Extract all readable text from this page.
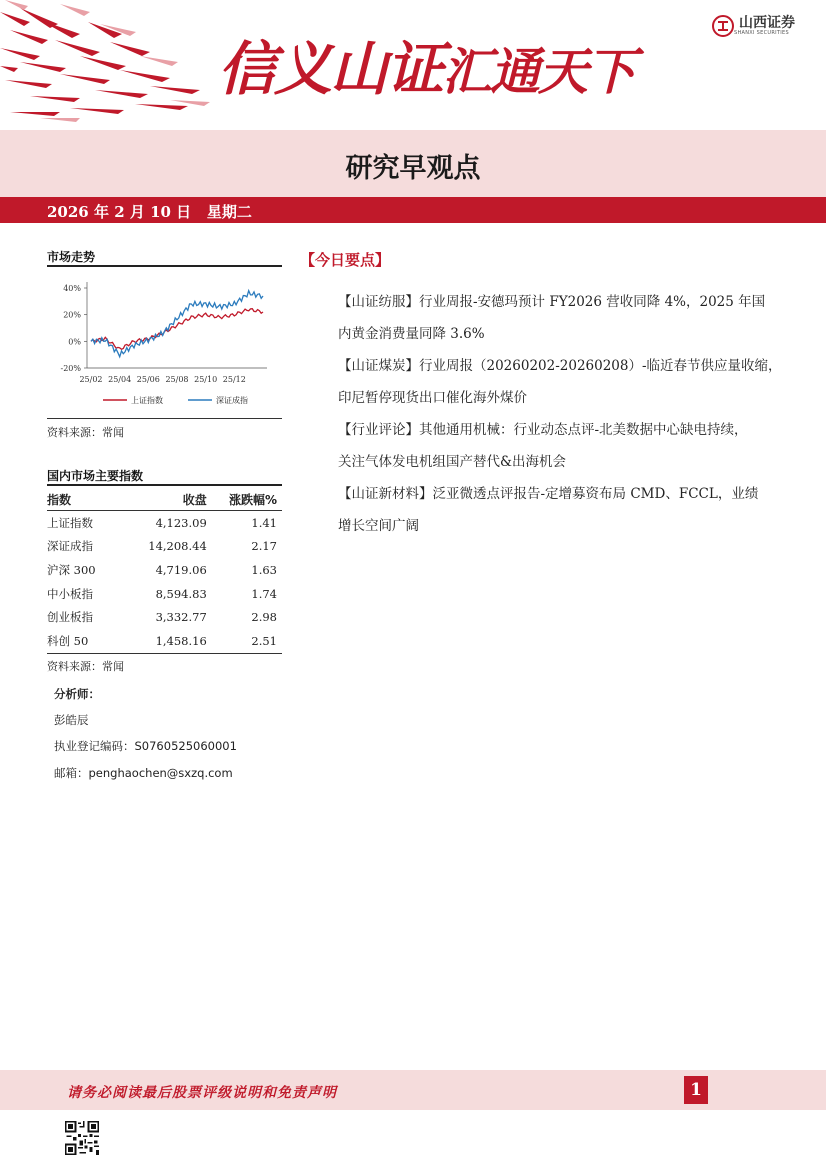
信义山证汇通天下
山西证券
SHANXI SECURITIES
研究早观点
2026 年 2 月 10 日   星期二
市场走势
40%
20%
0%
-20%
25/02 25/04 25/06 25/08 25/10 25/12
上证指数	深证成指
资料来源：常闻
国内市场主要指数
指数	收盘	涨跌幅%
上证指数	4,123.09	1.41
深证成指	14,208.44	2.17
沪深 300	4,719.06	1.63
中小板指	8,594.83	1.74
创业板指	3,332.77	2.98
科创 50	1,458.16	2.51
资料来源：常闻
分析师：
彭皓辰
执业登记编码：S0760525060001
邮箱：penghaochen@sxzq.com
【今日要点】
【山证纺服】行业周报-安德玛预计 FY2026 营收同降 4%，2025 年国
内黄金消费量同降 3.6%
【山证煤炭】行业周报（20260202-20260208）-临近春节供应量收缩，
印尼暂停现货出口催化海外煤价
【行业评论】其他通用机械：行业动态点评-北美数据中心缺电持续，
关注气体发电机组国产替代&出海机会
【山证新材料】泛亚微透点评报告-定增募资布局 CMD、FCCL，业绩
增长空间广阔
请务必阅读最后股票评级说明和免责声明	1
